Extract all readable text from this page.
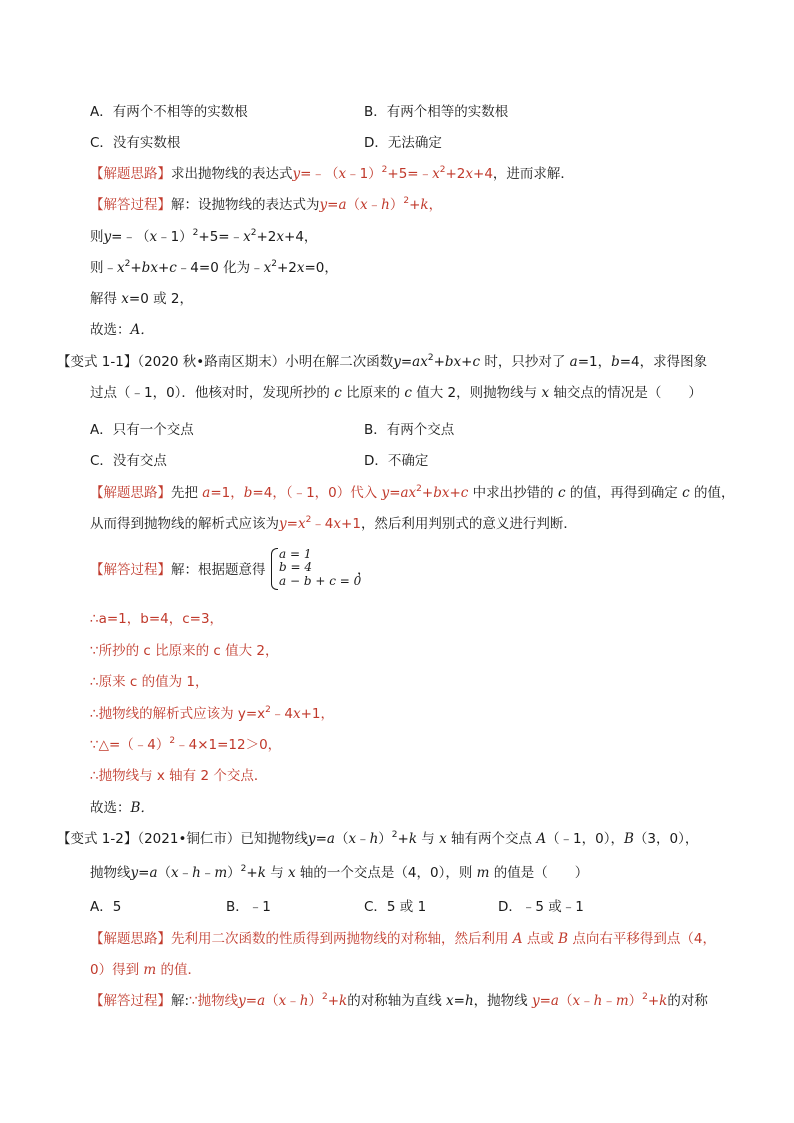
A．有两个不相等的实数根	B．有两个相等的实数根
C．没有实数根	D．无法确定
【解题思路】求出抛物线的表达式$y=﹣(x﹣1)^2+5=﹣x^2+2x+4$，进而求解．
【解答过程】解：设抛物线的表达式为y=a（x﹣h）$^2$+k，
则$y=﹣(x﹣1)^2+5=﹣x^2+2x+4$，
则$﹣x^2+bx+c﹣4=0$ 化为$﹣x^2+2x=0$，
解得 x=0 或 2，
故选：A．
【变式 1-1】（2020 秋•路南区期末）小明在解二次函数$y=ax^2+bx+c$ 时，只抄对了 a=1，b=4，求得图象
过点（﹣1，0）．他核对时，发现所抄的 c 比原来的 c 值大 2，则抛物线与 x 轴交点的情况是（　　）
A．只有一个交点	B．有两个交点
C．没有交点	D．不确定
【解题思路】先把 a=1，b=4，（﹣1，0）代入 $y=ax^2+bx+c$ 中求出抄错的 c 的值，再得到确定 c 的值，
从而得到抛物线的解析式应该为$y=x^2﹣4x+1$，然后利用判别式的意义进行判断．
【解答过程】解：根据题意得
a = 1
b = 4
a − b + c = 0
，
∴a=1，b=4，c=3，
∵所抄的 c 比原来的 c 值大 2，
∴原来 c 的值为 1，
∴抛物线的解析式应该为 $y=x^2﹣4x+1$，
∵△=（﹣4）$^2$﹣4×1=12＞0，
∴抛物线与 x 轴有 2 个交点．
故选：B．
【变式 1-2】（2021•铜仁市）已知抛物线y=a（x﹣h）$^2$+k 与 x 轴有两个交点 A（﹣1，0），B（3，0），
抛物线y=a（x﹣h﹣m）$^2$+k 与 x 轴的一个交点是（4，0），则 m 的值是（　　）
A．5	B．﹣1	C．5 或 1	D．﹣5 或﹣1
【解题思路】先利用二次函数的性质得到两抛物线的对称轴，然后利用 A 点或 B 点向右平移得到点（4，
0）得到 m 的值．
【解答过程】解:∵抛物线y=a（x﹣h）$^2$+k的对称轴为直线 x=h，抛物线 y=a（x﹣h﹣m）$^2$+k的对称
